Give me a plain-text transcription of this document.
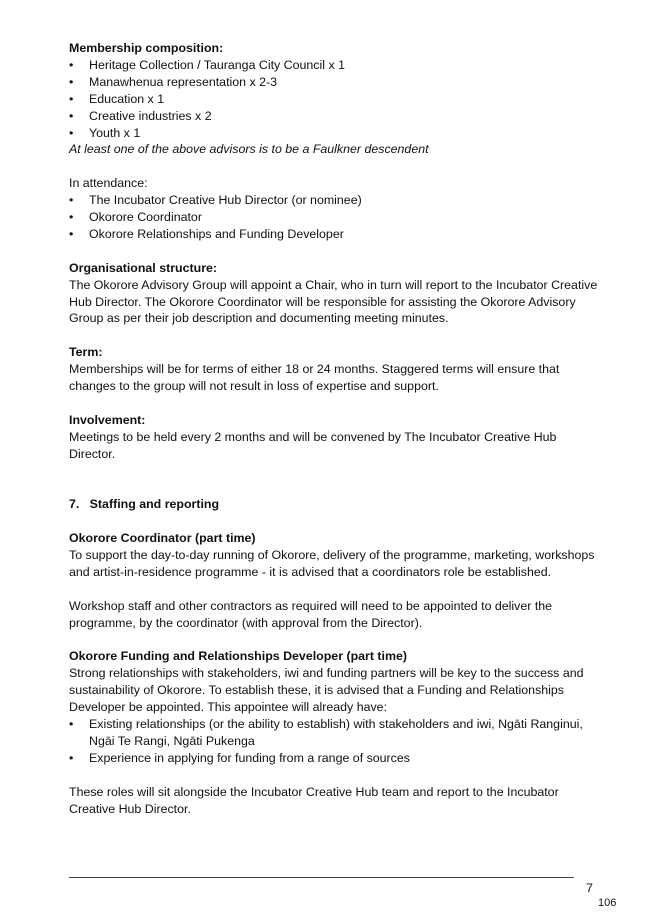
Membership composition:

• Heritage Collection / Tauranga City Council x 1
• Manawhenua representation x 2-3
• Education x 1
• Creative industries x 2
• Youth x 1

At least one of the above advisors is to be a Faulkner descendent

In attendance:

• The Incubator Creative Hub Director (or nominee)
• Okorore Coordinator
• Okorore Relationships and Funding Developer

Organisational structure:

The Okorore Advisory Group will appoint a Chair, who in turn will report to the Incubator Creative Hub Director. The Okorore Coordinator will be responsible for assisting the Okorore Advisory Group as per their job description and documenting meeting minutes.

Term:

Memberships will be for terms of either 18 or 24 months. Staggered terms will ensure that changes to the group will not result in loss of expertise and support.

Involvement:

Meetings to be held every 2 months and will be convened by The Incubator Creative Hub Director.

7.   Staffing and reporting

Okorore Coordinator (part time)

To support the day-to-day running of Okorore, delivery of the programme, marketing, workshops and artist-in-residence programme - it is advised that a coordinators role be established.

Workshop staff and other contractors as required will need to be appointed to deliver the programme, by the coordinator (with approval from the Director).

Okorore Funding and Relationships Developer (part time)

Strong relationships with stakeholders, iwi and funding partners will be key to the success and sustainability of Okorore. To establish these, it is advised that a Funding and Relationships Developer be appointed. This appointee will already have:

• Existing relationships (or the ability to establish) with stakeholders and iwi, Ngāti Ranginui, Ngāi Te Rangi, Ngāti Pukenga
• Experience in applying for funding from a range of sources

These roles will sit alongside the Incubator Creative Hub team and report to the Incubator Creative Hub Director.

7
106
